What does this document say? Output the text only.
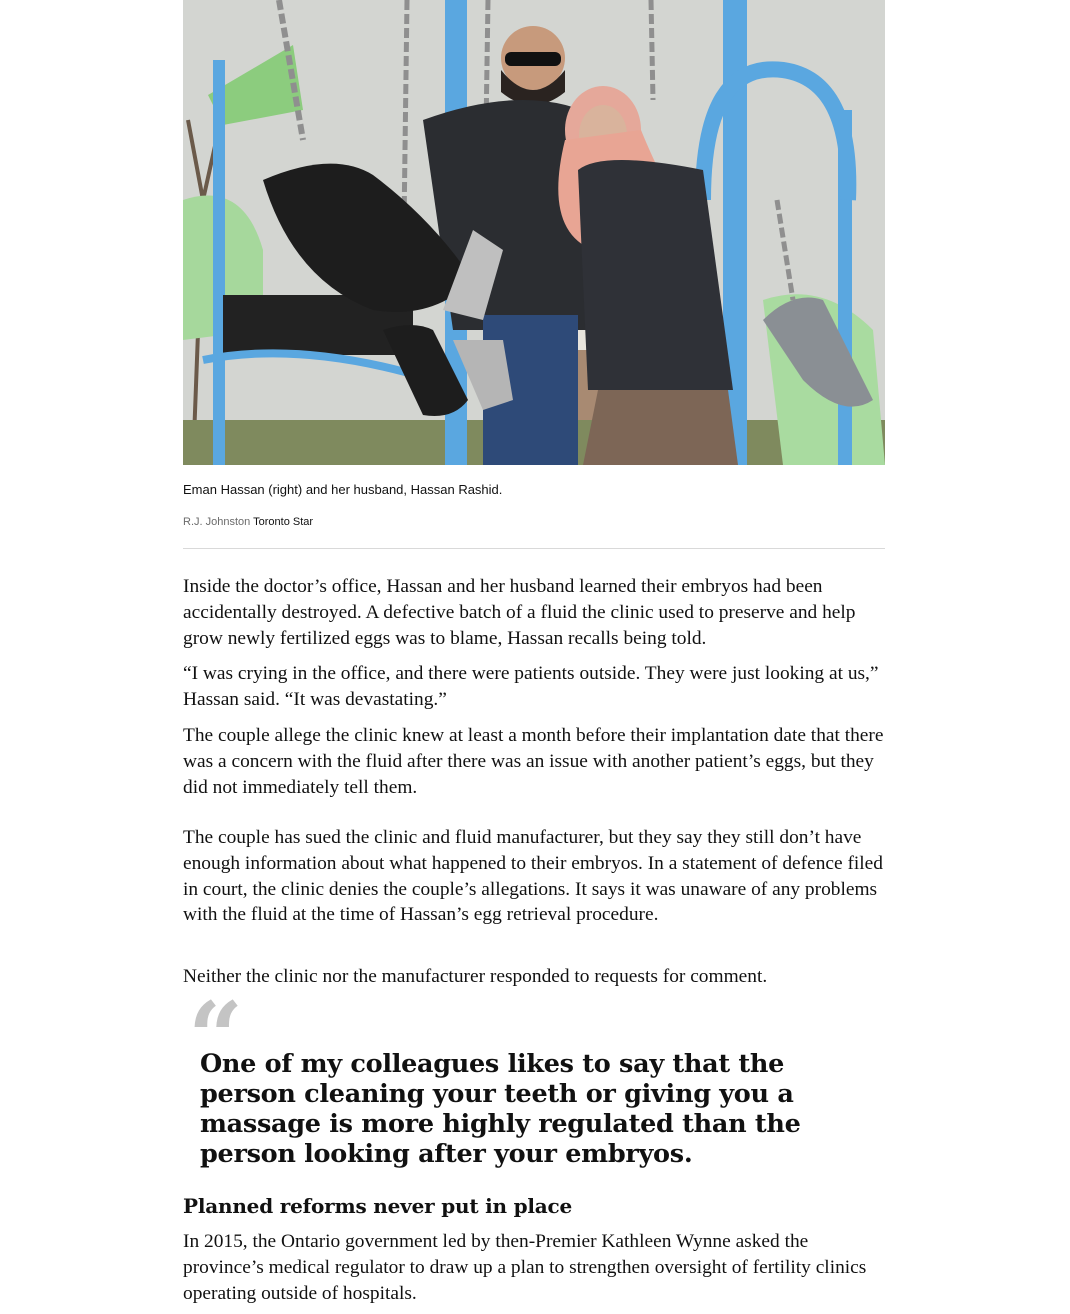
Eman Hassan (right) and her husband, Hassan Rashid.
R.J. Johnston Toronto Star

Inside the doctor’s office, Hassan and her husband learned their embryos had been accidentally destroyed. A defective batch of a fluid the clinic used to preserve and help grow newly fertilized eggs was to blame, Hassan recalls being told.

“I was crying in the office, and there were patients outside. They were just looking at us,” Hassan said. “It was devastating.”

The couple allege the clinic knew at least a month before their implantation date that there was a concern with the fluid after there was an issue with another patient’s eggs, but they did not immediately tell them.

The couple has sued the clinic and fluid manufacturer, but they say they still don’t have enough information about what happened to their embryos. In a statement of defence filed in court, the clinic denies the couple’s allegations. It says it was unaware of any problems with the fluid at the time of Hassan’s egg retrieval procedure.

Neither the clinic nor the manufacturer responded to requests for comment.

“
One of my colleagues likes to say that the person cleaning your teeth or giving you a massage is more highly regulated than the person looking after your embryos.
Planned reforms never put in place

In 2015, the Ontario government led by then-Premier Kathleen Wynne asked the province’s medical regulator to draw up a plan to strengthen oversight of fertility clinics operating outside of hospitals.
